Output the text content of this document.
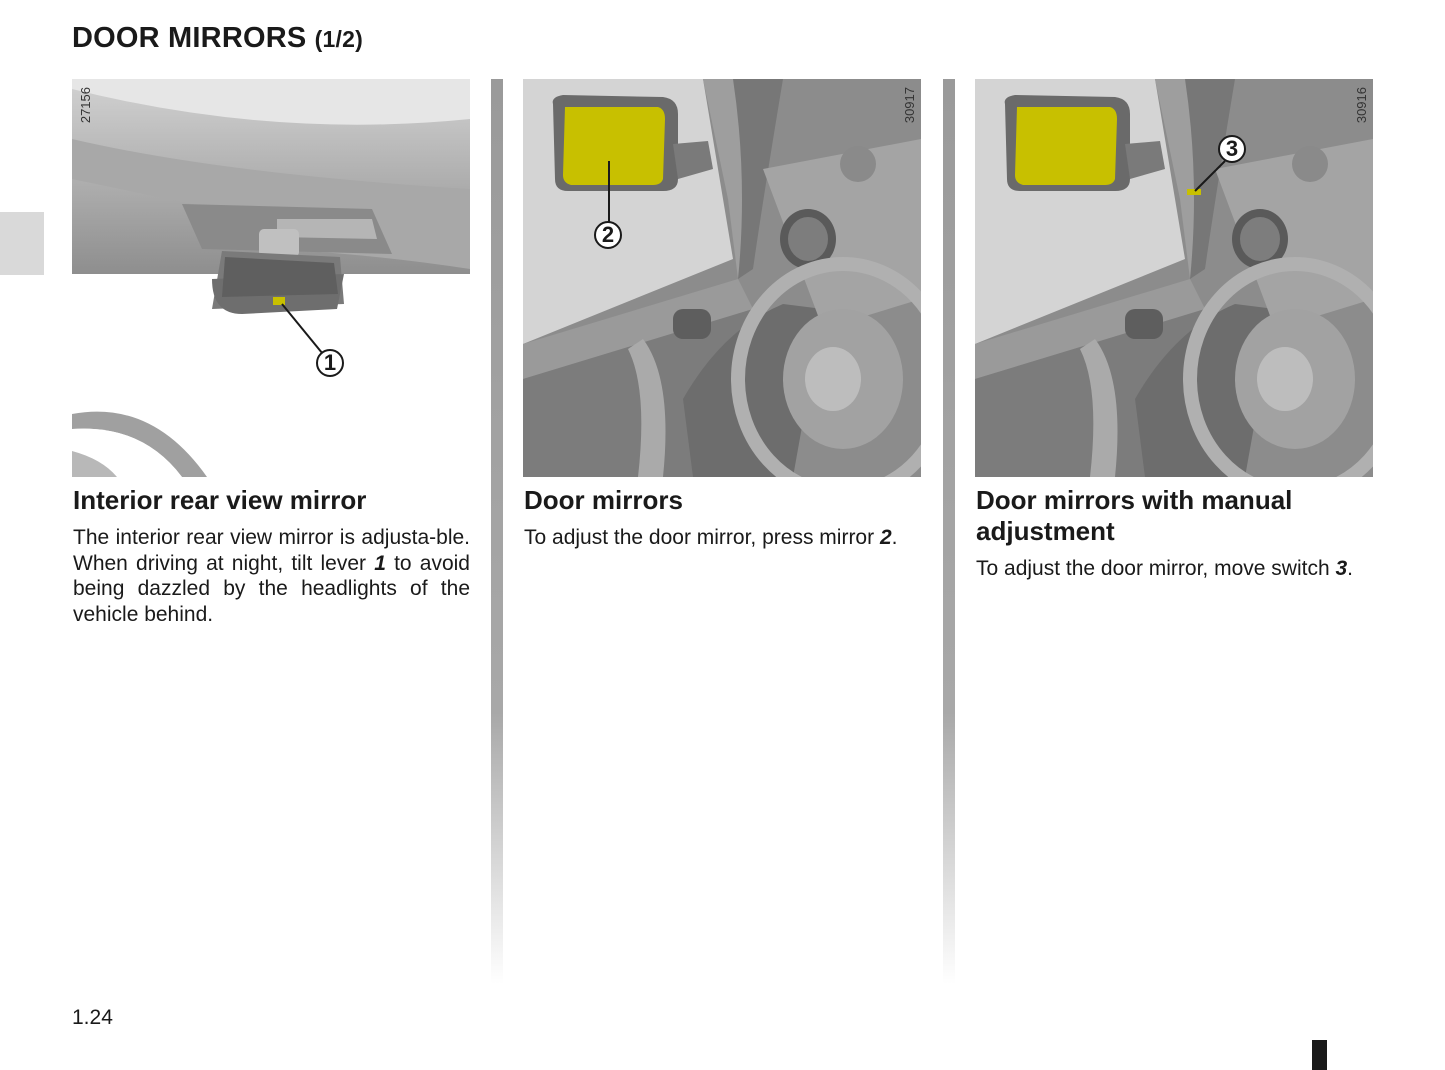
DOOR MIRRORS (1/2)
27156
1
Interior rear view mirror
The interior rear view mirror is adjusta-ble. When driving at night, tilt lever 1 to avoid being dazzled by the headlights of the vehicle behind.
30917
2
Door mirrors
To adjust the door mirror, press mirror 2.
30916
3
Door mirrors with manual adjustment
To adjust the door mirror, move switch 3.
1.24
